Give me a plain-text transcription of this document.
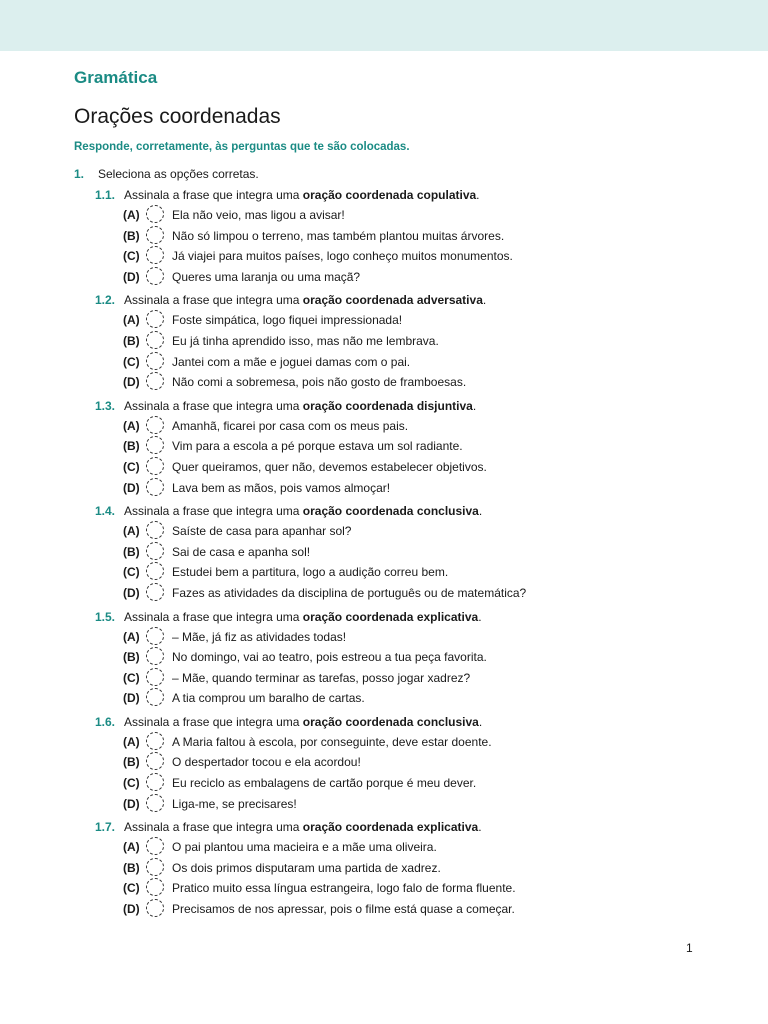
Gramática
Orações coordenadas
Responde, corretamente, às perguntas que te são colocadas.
1. Seleciona as opções corretas.
1.1. Assinala a frase que integra uma oração coordenada copulativa.
(A)	Ela não veio, mas ligou a avisar!
(B)	Não só limpou o terreno, mas também plantou muitas árvores.
(C)	Já viajei para muitos países, logo conheço muitos monumentos.
(D)	Queres uma laranja ou uma maçã?
1.2. Assinala a frase que integra uma oração coordenada adversativa.
(A)	Foste simpática, logo fiquei impressionada!
(B)	Eu já tinha aprendido isso, mas não me lembrava.
(C)	Jantei com a mãe e joguei damas com o pai.
(D)	Não comi a sobremesa, pois não gosto de framboesas.
1.3. Assinala a frase que integra uma oração coordenada disjuntiva.
(A)	Amanhã, ficarei por casa com os meus pais.
(B)	Vim para a escola a pé porque estava um sol radiante.
(C)	Quer queiramos, quer não, devemos estabelecer objetivos.
(D)	Lava bem as mãos, pois vamos almoçar!
1.4. Assinala a frase que integra uma oração coordenada conclusiva.
(A)	Saíste de casa para apanhar sol?
(B)	Sai de casa e apanha sol!
(C)	Estudei bem a partitura, logo a audição correu bem.
(D)	Fazes as atividades da disciplina de português ou de matemática?
1.5. Assinala a frase que integra uma oração coordenada explicativa.
(A)	– Mãe, já fiz as atividades todas!
(B)	No domingo, vai ao teatro, pois estreou a tua peça favorita.
(C)	– Mãe, quando terminar as tarefas, posso jogar xadrez?
(D)	A tia comprou um baralho de cartas.
1.6. Assinala a frase que integra uma oração coordenada conclusiva.
(A)	A Maria faltou à escola, por conseguinte, deve estar doente.
(B)	O despertador tocou e ela acordou!
(C)	Eu reciclo as embalagens de cartão porque é meu dever.
(D)	Liga-me, se precisares!
1.7. Assinala a frase que integra uma oração coordenada explicativa.
(A)	O pai plantou uma macieira e a mãe uma oliveira.
(B)	Os dois primos disputaram uma partida de xadrez.
(C)	Pratico muito essa língua estrangeira, logo falo de forma fluente.
(D)	Precisamos de nos apressar, pois o filme está quase a começar.
1
